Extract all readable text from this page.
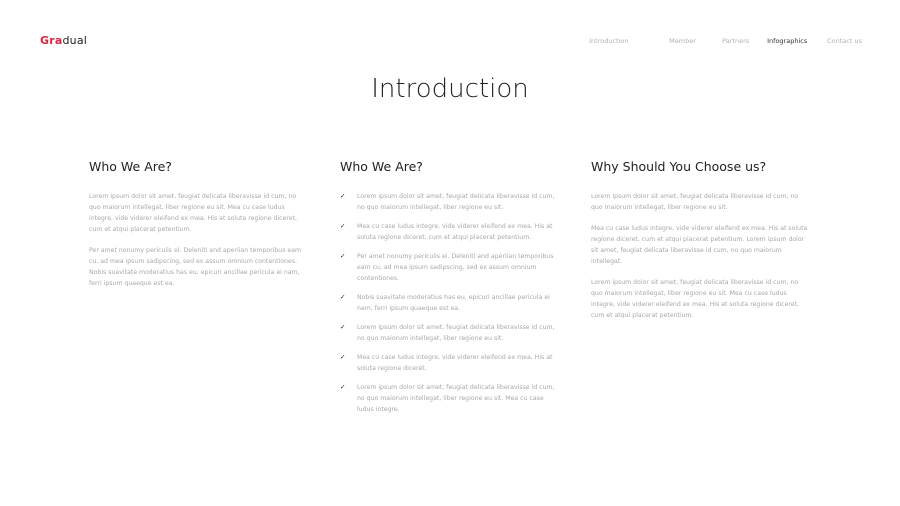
Gradual	Introduction	Member	Partners	Infographics	Contact us
Introduction
Who We Are?

Lorem ipsum dolor sit amet, feugiat delicata liberavisse id cum, no quo maiorum intellegat, liber regione eu sit. Mea cu case ludus integre, vide viderer eleifend ex mea. His at soluta regione diceret, cum et atqui placerat petentium.

Per amet nonumy periculis ei. Deleniti and aperiian temporibus eam cu, ad mea ipsum sadipscing, sed ex assum omnium contentiones. Nobis suavitate moderatius has eu, epicuri ancillae pericula ei nam, ferri ipsum quaeque est ea.

Who We Are?
✓	Lorem ipsum dolor sit amet, feugiat delicata liberavisse id cum, no quo maiorum intellegat, liber regione eu sit.
✓	Mea cu case ludus integre, vide viderer eleifend ex mea. His at soluta regione diceret, cum et atqui placerat petentium.
✓	Per amet nonumy periculis ei. Deleniti and aperiian temporibus eam cu, ad mea ipsum sadipscing, sed ex assum omnium contentiones.
✓	Nobis suavitate moderatius has eu, epicuri ancillae pericula ei nam, ferri ipsum quaeque est ea.
✓	Lorem ipsum dolor sit amet, feugiat delicata liberavisse id cum, no quo maiorum intellegat, liber regione eu sit.
✓	Mea cu case ludus integre, vide viderer eleifend ex mea. His at soluta regione diceret.
✓	Lorem ipsum dolor sit amet, feugiat delicata liberavisse id cum, no quo maiorum intellegat, liber regione eu sit. Mea cu case ludus integre.
Why Should You Choose us?

Lorem ipsum dolor sit amet, feugiat delicata liberavisse id cum, no quo maiorum intellegat, liber regione eu sit.

Mea cu case ludus integre, vide viderer eleifend ex mea. His at soluta regione diceret, cum et atqui placerat petentium. Lorem ipsum dolor sit amet, feugiat delicata liberavisse id cum, no quo maiorum intellegat.

Lorem ipsum dolor sit amet, feugiat delicata liberavisse id cum, no quo maiorum intellegat, liber regione eu sit. Mea cu case ludus integre, vide viderer eleifend ex mea. His at soluta regione diceret, cum et atqui placerat petentium.
